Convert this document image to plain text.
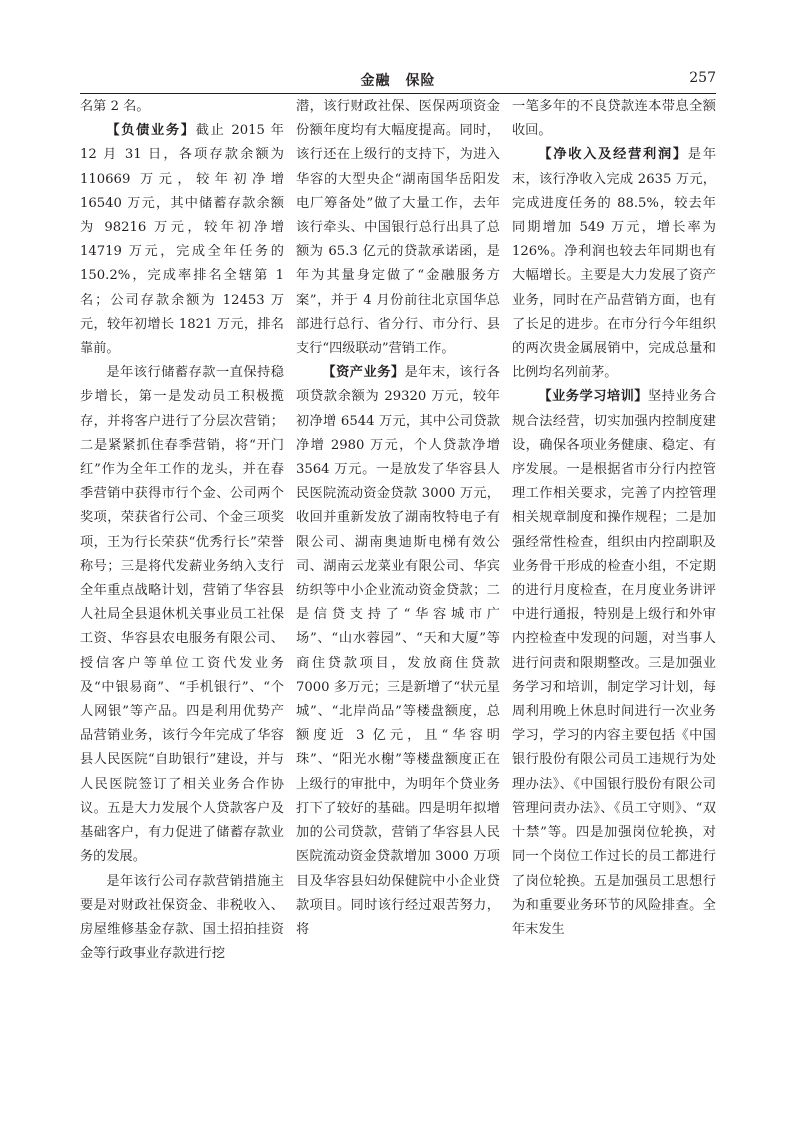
金融　保险	257

名第 2 名。

【负债业务】截止 2015 年 12 月 31 日，各项存款余额为 110669 万元，较年初净增 16540 万元，其中储蓄存款余额为 98216 万元，较年初净增 14719 万元，完成全年任务的 150.2%，完成率排名全辖第 1 名；公司存款余额为 12453 万元，较年初增长 1821 万元，排名靠前。

是年该行储蓄存款一直保持稳步增长，第一是发动员工积极揽存，并将客户进行了分层次营销；二是紧紧抓住春季营销，将“开门红”作为全年工作的龙头，并在春季营销中获得市行个金、公司两个奖项，荣获省行公司、个金三项奖项，王为行长荣获“优秀行长”荣誉称号；三是将代发薪业务纳入支行全年重点战略计划，营销了华容县人社局全县退休机关事业员工社保工资、华容县农电服务有限公司、授信客户等单位工资代发业务及“中银易商”、“手机银行”、“个人网银”等产品。四是利用优势产品营销业务，该行今年完成了华容县人民医院“自助银行”建设，并与人民医院签订了相关业务合作协议。五是大力发展个人贷款客户及基础客户，有力促进了储蓄存款业务的发展。

是年该行公司存款营销措施主要是对财政社保资金、非税收入、房屋维修基金存款、国土招拍挂资金等行政事业存款进行挖

潜，该行财政社保、医保两项资金份额年度均有大幅度提高。同时，该行还在上级行的支持下，为进入华容的大型央企“湖南国华岳阳发电厂筹备处”做了大量工作，去年该行牵头、中国银行总行出具了总额为 65.3 亿元的贷款承诺函，是年为其量身定做了“金融服务方案”，并于 4 月份前往北京国华总部进行总行、省分行、市分行、县支行“四级联动”营销工作。

【资产业务】是年末，该行各项贷款余额为 29320 万元，较年初净增 6544 万元，其中公司贷款净增 2980 万元，个人贷款净增 3564 万元。一是放发了华容县人民医院流动资金贷款 3000 万元，收回并重新发放了湖南牧特电子有限公司、湖南奥迪斯电梯有效公司、湖南云龙菜业有限公司、华宾纺织等中小企业流动资金贷款；二是信贷支持了“华容城市广场”、“山水蓉园”、“天和大厦”等商住贷款项目，发放商住贷款 7000 多万元；三是新增了“状元星城”、“北岸尚品”等楼盘额度，总额度近 3 亿元，且“华容明珠”、“阳光水榭”等楼盘额度正在上级行的审批中，为明年个贷业务打下了较好的基础。四是明年拟增加的公司贷款，营销了华容县人民医院流动资金贷款增加 3000 万项目及华容县妇幼保健院中小企业贷款项目。同时该行经过艰苦努力，将

一笔多年的不良贷款连本带息全额收回。

【净收入及经营利润】是年末，该行净收入完成 2635 万元，完成进度任务的 88.5%，较去年同期增加 549 万元，增长率为 126%。净利润也较去年同期也有大幅增长。主要是大力发展了资产业务，同时在产品营销方面，也有了长足的进步。在市分行今年组织的两次贵金属展销中，完成总量和比例均名列前茅。

【业务学习培训】坚持业务合规合法经营，切实加强内控制度建设，确保各项业务健康、稳定、有序发展。一是根据省市分行内控管理工作相关要求，完善了内控管理相关规章制度和操作规程；二是加强经常性检查，组织由内控副职及业务骨干形成的检查小组，不定期的进行月度检查，在月度业务讲评中进行通报，特别是上级行和外审内控检查中发现的问题，对当事人进行问责和限期整改。三是加强业务学习和培训，制定学习计划，每周利用晚上休息时间进行一次业务学习，学习的内容主要包括《中国银行股份有限公司员工违规行为处理办法》、《中国银行股份有限公司管理问责办法》、《员工守则》、“双十禁”等。四是加强岗位轮换，对同一个岗位工作过长的员工都进行了岗位轮换。五是加强员工思想行为和重要业务环节的风险排查。全年末发生
